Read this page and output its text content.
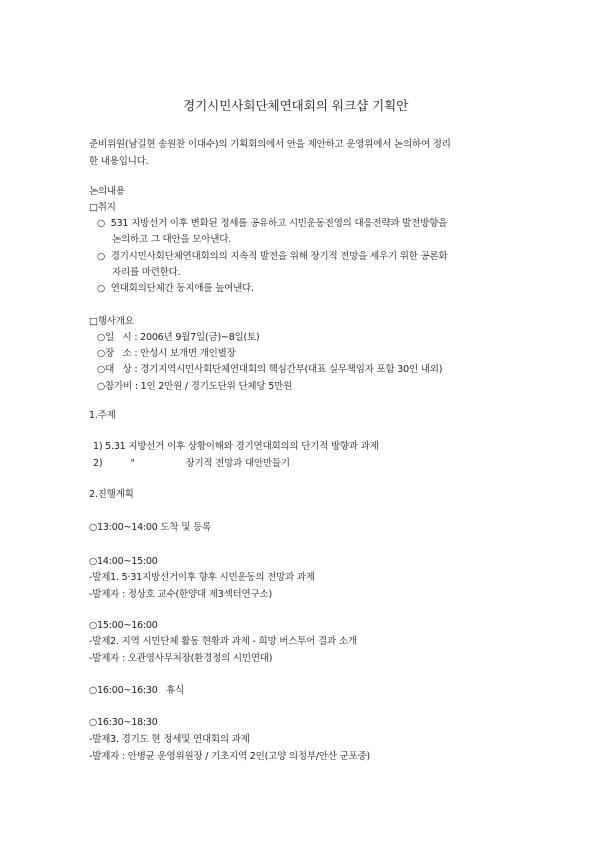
경기시민사회단체연대회의 워크샵 기획안
준비위원(남길현 송원찬 이대수)의 기획회의에서 안을 제안하고 운영위에서 논의하여 정리
한 내용입니다.
논의내용
□취지
○  531 지방선거 이후 변화된 정세를 공유하고 시민운동진영의 대응전략과 발전방향을
논의하고 그 대안을 모아낸다.
○  경기시민사회단체연대회의의 지속적 발전을 위해 장기적 전망을 세우기 위한 공론화
자리를 마련한다.
○  연대회의단체간 동지애를 높여낸다.
□행사개요
○일   시 : 2006년 9월7일(금)~8일(토)
○장   소 : 안성시 보개면 개인별장
○대   상 : 경기지역시민사회단체연대회의 핵심간부(대표 실무책임자 포함 30인 내외)
○참가비 : 1인 2만원 / 경기도단위 단체당 5만원
1.주제
1) 5.31 지방선거 이후 상황이해와 경기연대회의의 단기적 방향과 과제
2)          "                  장기적 전망과 대안만들기
2.진행계획
○13:00~14:00 도착 및 등록
○14:00~15:00
-발제1. 5·31지방선거이후 향후 시민운동의 전망과 과제
-발제자 : 정상호 교수(한양대 제3섹터연구소)
○15:00~16:00
-발제2. 지역 시민단체 활동 현황과 과제 - 희망 버스투어 결과 소개
-발제자 : 오관영사무처장(환경정의 시민연대)
○16:00~16:30   휴식
○16:30~18:30
-발제3. 경기도 현 정세및 연대회의 과제
-발제자 : 안병균 운영위원장 / 기초지역 2인(고양 의정부/안산 군포중)
